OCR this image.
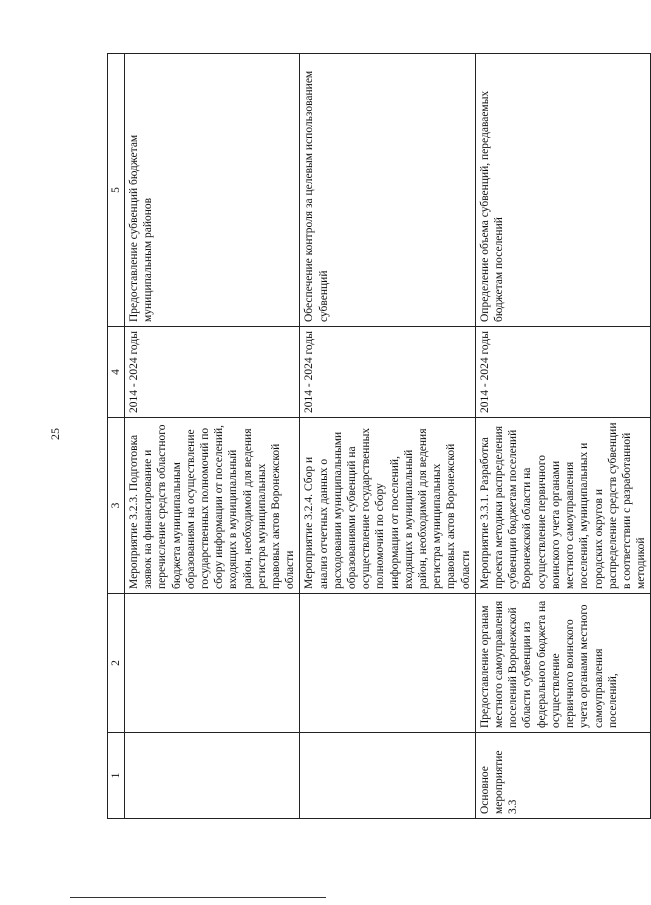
25
1	2	3	4	5
		Мероприятие 3.2.3. Подготовка заявок на финансирование и перечисление средств областного бюджета муниципальным образованиям на осуществление государственных полномочий по сбору информации от поселений, входящих в муниципальный район, необходимой для ведения регистра муниципальных правовых актов Воронежской области	2014 - 2024 годы	Предоставление субвенций бюджетам муниципальным районов
		Мероприятие 3.2.4. Сбор и анализ отчетных данных о расходовании муниципальными образованиями субвенций на осуществление государственных полномочий по сбору информации от поселений, входящих в муниципальный район, необходимой для ведения регистра муниципальных правовых актов Воронежской области	2014 - 2024 годы	Обеспечение контроля за целевым использованием субвенций
Основное мероприятие 3.3	Предоставление органам местного самоуправления поселений Воронежской области субвенции из федерального бюджета на осуществление первичного воинского учета органами местного самоуправления поселений,	Мероприятие 3.3.1. Разработка проекта методики распределения субвенции бюджетам поселений Воронежской области на осуществление первичного воинского учета органами местного самоуправления поселений, муниципальных и городских округов и распределение средств субвенции в соответствии с разработанной методикой	2014 - 2024 годы	Определение объема субвенций, передаваемых бюджетам поселений
